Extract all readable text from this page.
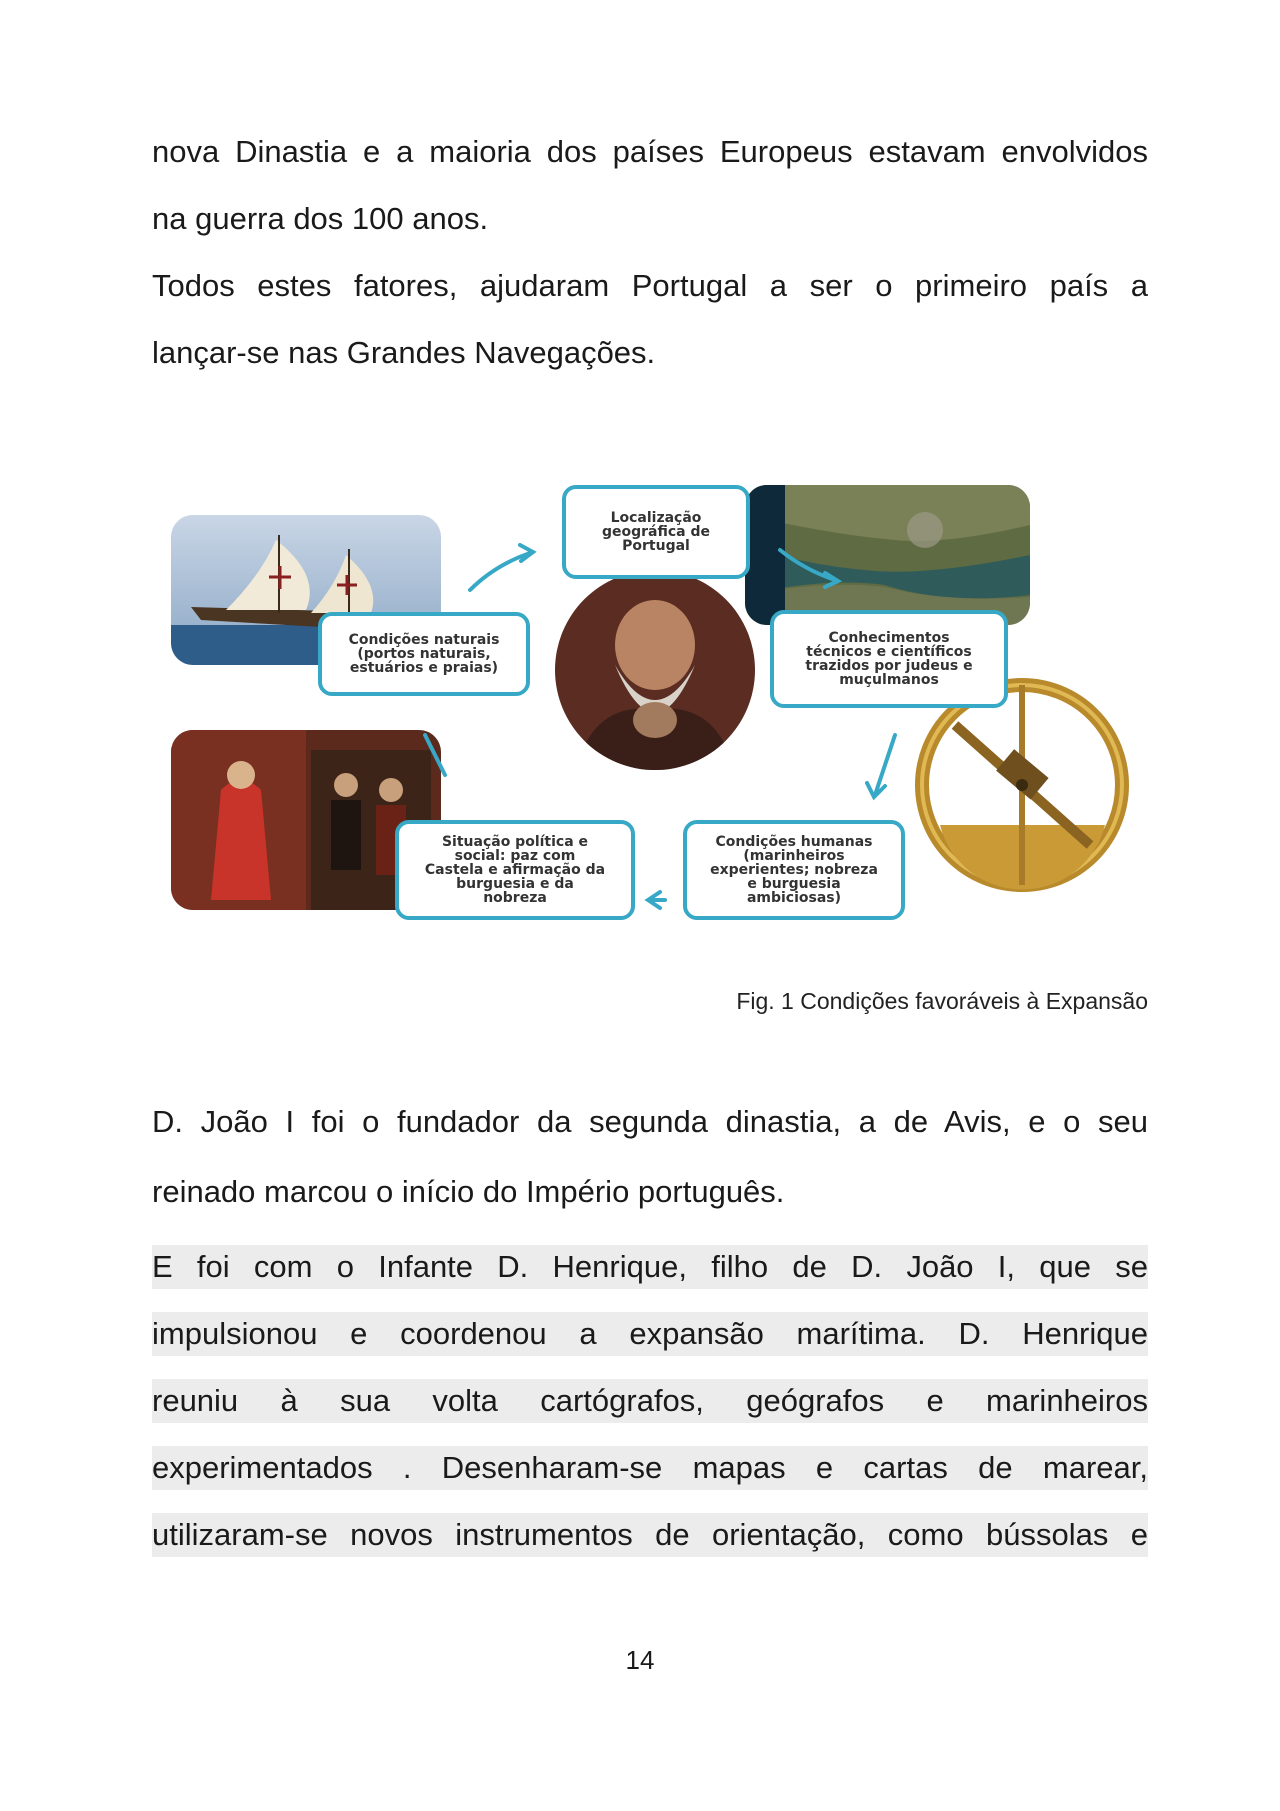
nova Dinastia e a maioria dos países Europeus estavam envolvidos
na guerra dos 100 anos.
Todos estes fatores, ajudaram Portugal a ser o primeiro país a
lançar-se nas Grandes Navegações.
Localização
geográfica de
Portugal
Condições naturais
(portos naturais,
estuários e praias)
Conhecimentos
técnicos e científicos
trazidos por judeus e
muçulmanos
Situação política e
social: paz com
Castela e afirmação da
burguesia e da
nobreza
Condições humanas
(marinheiros
experientes; nobreza
e burguesia
ambiciosas)
Fig. 1 Condições favoráveis à Expansão
D. João I foi o fundador da segunda dinastia, a de Avis, e o seu
reinado marcou o início do Império português.
E foi com o Infante D. Henrique, filho de D. João I, que se
impulsionou e coordenou a expansão marítima. D. Henrique
reuniu à sua volta cartógrafos, geógrafos e marinheiros
experimentados . Desenharam-se mapas e cartas de marear,
utilizaram-se novos instrumentos de orientação, como bússolas e
14
